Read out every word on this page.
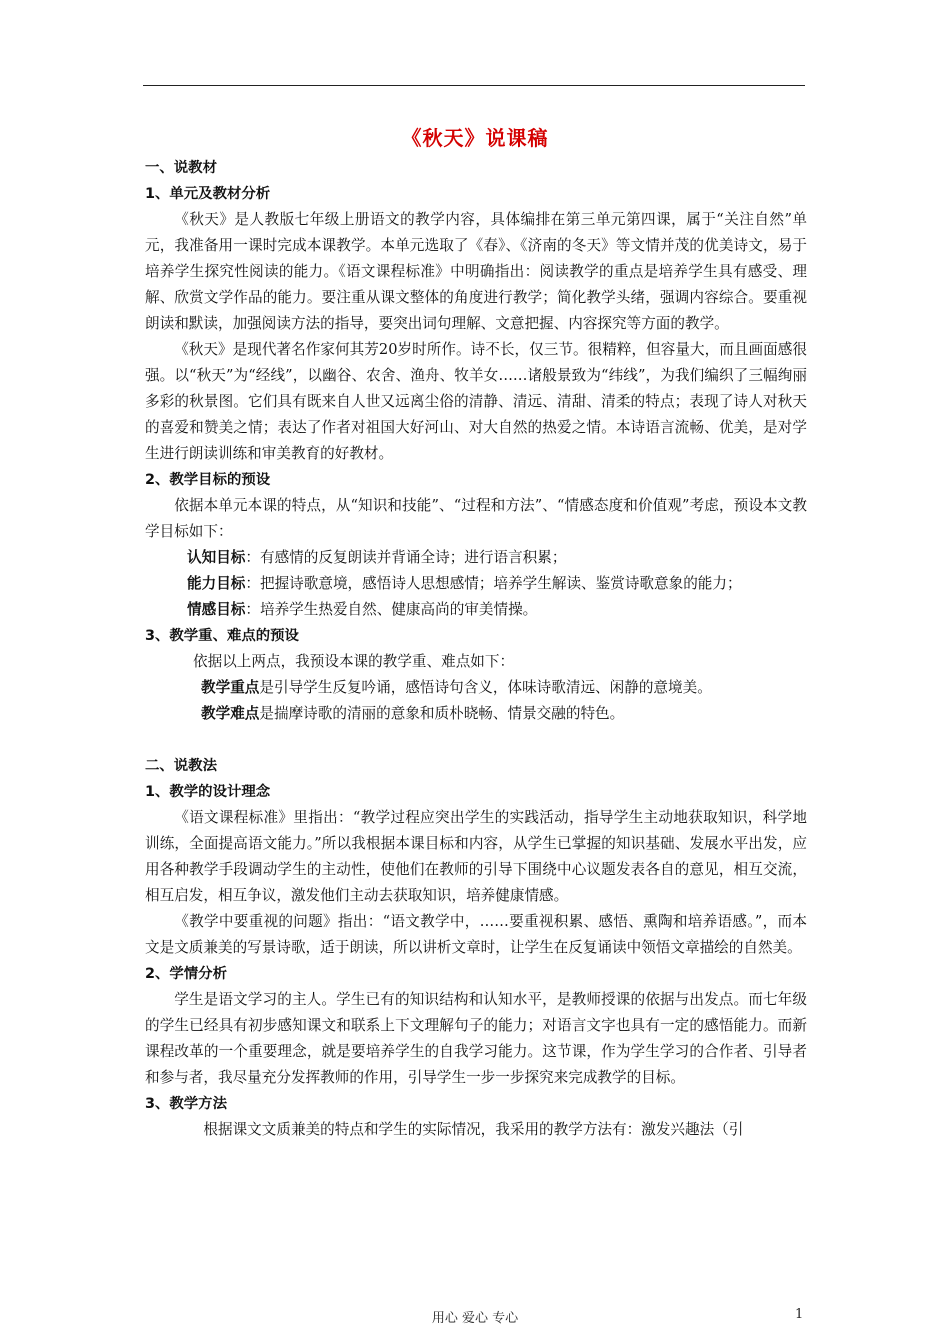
《秋天》说课稿
一、说教材
1、单元及教材分析

《秋天》是人教版七年级上册语文的教学内容，具体编排在第三单元第四课，属于“关注自然”单元，我准备用一课时完成本课教学。本单元选取了《春》、《济南的冬天》等文情并茂的优美诗文，易于培养学生探究性阅读的能力。《语文课程标准》中明确指出：阅读教学的重点是培养学生具有感受、理解、欣赏文学作品的能力。要注重从课文整体的角度进行教学；简化教学头绪，强调内容综合。要重视朗读和默读，加强阅读方法的指导，要突出词句理解、文意把握、内容探究等方面的教学。

《秋天》是现代著名作家何其芳20岁时所作。诗不长，仅三节。很精粹，但容量大，而且画面感很强。以“秋天”为“经线”，以幽谷、农舍、渔舟、牧羊女……诸般景致为“纬线”，为我们编织了三幅绚丽多彩的秋景图。它们具有既来自人世又远离尘俗的清静、清远、清甜、清柔的特点；表现了诗人对秋天的喜爱和赞美之情；表达了作者对祖国大好河山、对大自然的热爱之情。本诗语言流畅、优美，是对学生进行朗读训练和审美教育的好教材。

2、教学目标的预设

依据本单元本课的特点，从“知识和技能”、“过程和方法”、“情感态度和价值观”考虑，预设本文教学目标如下：

认知目标：有感情的反复朗读并背诵全诗；进行语言积累；
能力目标：把握诗歌意境，感悟诗人思想感情；培养学生解读、鉴赏诗歌意象的能力；
情感目标：培养学生热爱自然、健康高尚的审美情操。
3、教学重、难点的预设
依据以上两点，我预设本课的教学重、难点如下：
教学重点是引导学生反复吟诵，感悟诗句含义，体味诗歌清远、闲静的意境美。
教学难点是揣摩诗歌的清丽的意象和质朴晓畅、情景交融的特色。
二、说教法
1、教学的设计理念

《语文课程标准》里指出：“教学过程应突出学生的实践活动，指导学生主动地获取知识，科学地训练，全面提高语文能力。”所以我根据本课目标和内容，从学生已掌握的知识基础、发展水平出发，应用各种教学手段调动学生的主动性，使他们在教师的引导下围绕中心议题发表各自的意见，相互交流，相互启发，相互争议，激发他们主动去获取知识，培养健康情感。

《教学中要重视的问题》指出：“语文教学中，……要重视积累、感悟、熏陶和培养语感。”，而本文是文质兼美的写景诗歌，适于朗读，所以讲析文章时，让学生在反复诵读中领悟文章描绘的自然美。

2、学情分析

学生是语文学习的主人。学生已有的知识结构和认知水平，是教师授课的依据与出发点。而七年级的学生已经具有初步感知课文和联系上下文理解句子的能力；对语言文字也具有一定的感悟能力。而新课程改革的一个重要理念，就是要培养学生的自我学习能力。这节课，作为学生学习的合作者、引导者和参与者，我尽量充分发挥教师的作用，引导学生一步一步探究来完成教学的目标。

3、教学方法

根据课文文质兼美的特点和学生的实际情况，我采用的教学方法有：激发兴趣法（引

用心 爱心 专心	1
